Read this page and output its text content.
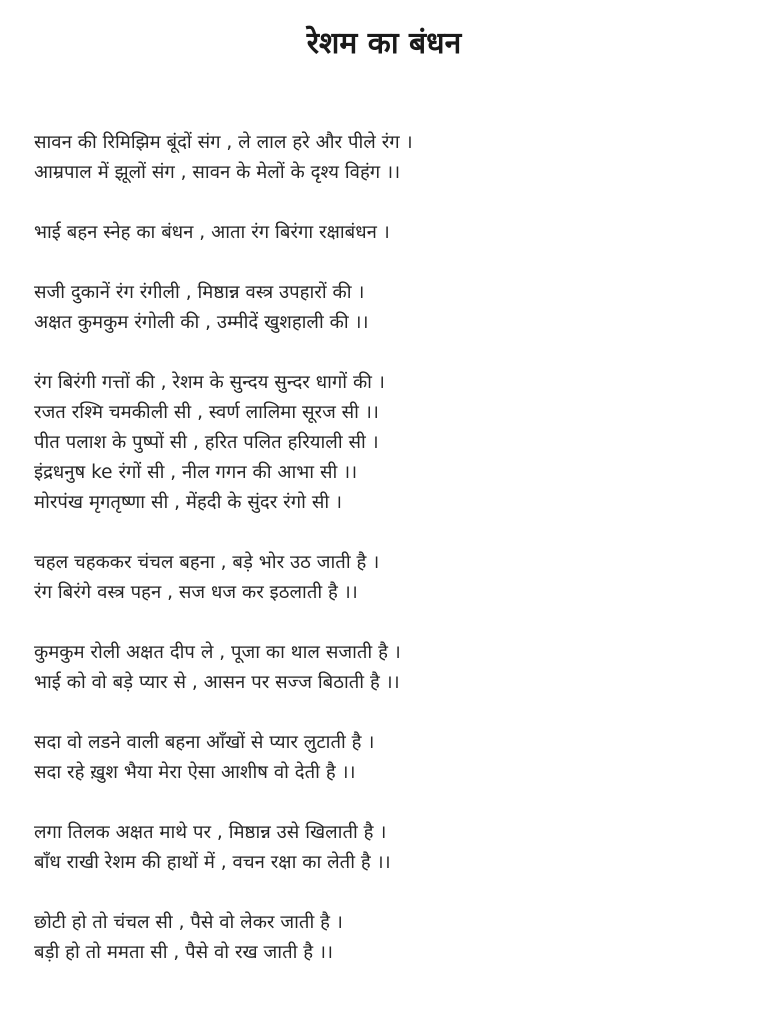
रेशम का बंधन
सावन की रिमिझिम बूंदों संग , ले लाल हरे और पीले रंग ।
आम्रपाल में झूलों संग , सावन के मेलों के दृश्य विहंग ।।
भाई बहन स्नेह का बंधन , आता रंग बिरंगा रक्षाबंधन ।
सजी दुकानें रंग रंगीली , मिष्ठान्न वस्त्र उपहारों की ।
अक्षत कुमकुम रंगोली की , उम्मीदें खुशहाली की ।।
रंग बिरंगी गत्तों की , रेशम के सुन्दय सुन्दर धागों की ।
रजत रश्मि चमकीली सी , स्वर्ण लालिमा सूरज सी ।।
पीत पलाश के पुष्पों सी , हरित पलित हरियाली सी ।
इंद्रधनुष ke रंगों सी , नील गगन की आभा सी ।।
मोरपंख मृगतृष्णा सी , मेंहदी के सुंदर रंगो सी ।
चहल चहककर चंचल बहना , बड़े भोर उठ जाती है ।
रंग बिरंगे वस्त्र पहन , सज धज कर इठलाती है ।।
कुमकुम रोली अक्षत दीप ले , पूजा का थाल सजाती है ।
भाई को वो बड़े प्यार से , आसन पर सज्ज बिठाती है ।।
सदा वो लडने वाली बहना आँखों से प्यार लुटाती है ।
सदा रहे ख़ुश भैया मेरा ऐसा आशीष वो देती है ।।
लगा तिलक अक्षत माथे पर , मिष्ठान्न उसे खिलाती है ।
बाँध राखी रेशम की हाथों में , वचन रक्षा का लेती है ।।
छोटी हो तो चंचल सी , पैसे वो लेकर जाती है ।
बड़ी हो तो ममता सी , पैसे वो रख जाती है ।।
